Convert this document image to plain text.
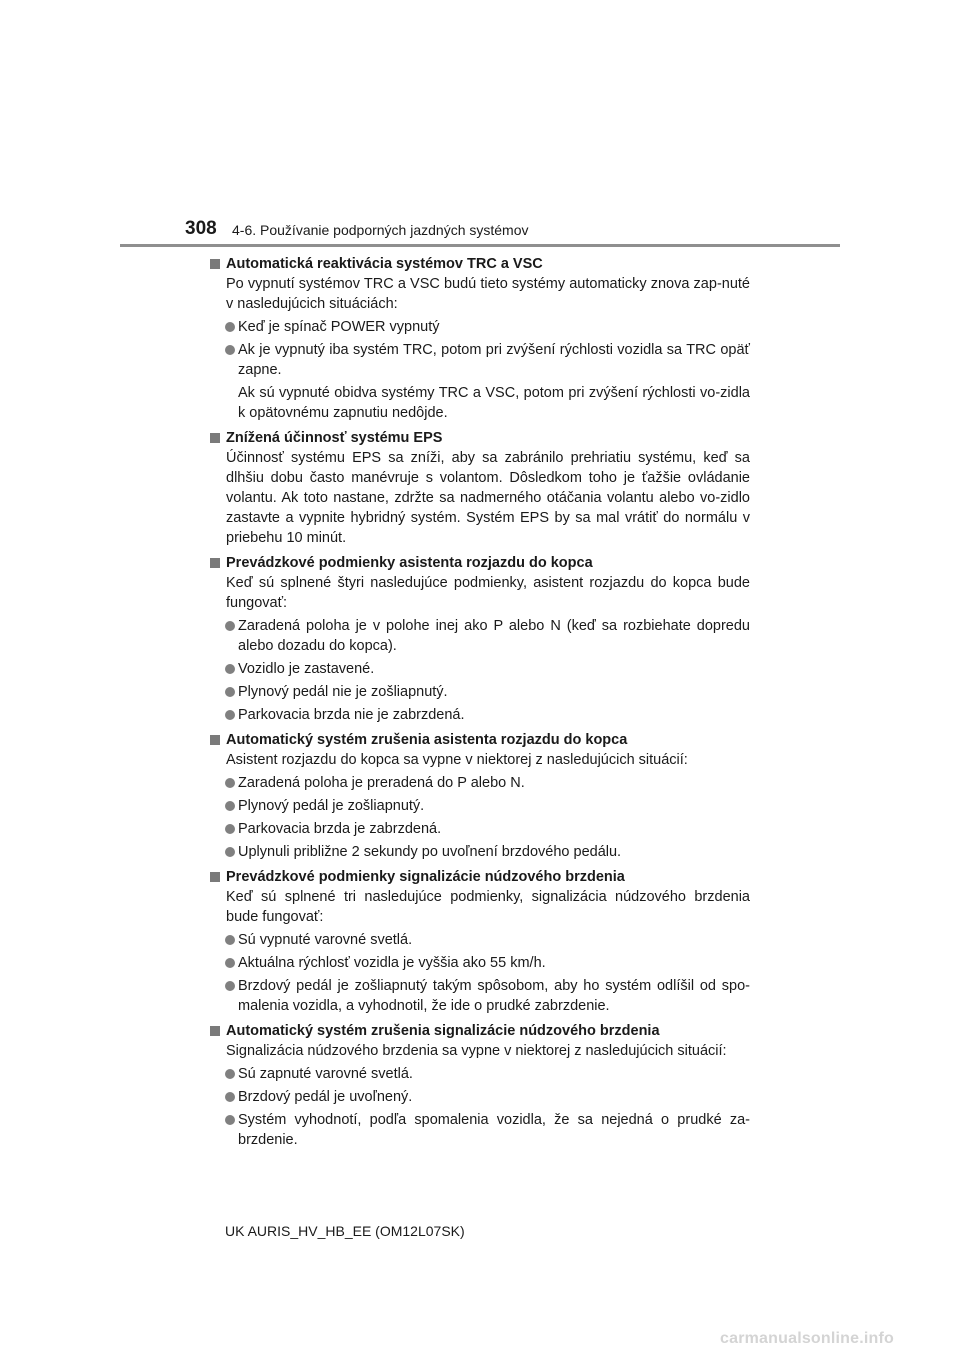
308 4-6. Používanie podporných jazdných systémov
Automatická reaktivácia systémov TRC a VSC

Po vypnutí systémov TRC a VSC budú tieto systémy automaticky znova zap-nuté v nasledujúcich situáciách:

Keď je spínač POWER vypnutý
Ak je vypnutý iba systém TRC, potom pri zvýšení rýchlosti vozidla sa TRC opäť zapne.
Ak sú vypnuté obidva systémy TRC a VSC, potom pri zvýšení rýchlosti vo-zidla k opätovnému zapnutiu nedôjde.
Znížená účinnosť systému EPS

Účinnosť systému EPS sa zníži, aby sa zabránilo prehriatiu systému, keď sa dlhšiu dobu často manévruje s volantom. Dôsledkom toho je ťažšie ovládanie volantu. Ak toto nastane, zdržte sa nadmerného otáčania volantu alebo vo-zidlo zastavte a vypnite hybridný systém. Systém EPS by sa mal vrátiť do normálu v priebehu 10 minút.

Prevádzkové podmienky asistenta rozjazdu do kopca

Keď sú splnené štyri nasledujúce podmienky, asistent rozjazdu do kopca bude fungovať:

Zaradená poloha je v polohe inej ako P alebo N (keď sa rozbiehate dopredu alebo dozadu do kopca).
Vozidlo je zastavené.
Plynový pedál nie je zošliapnutý.
Parkovacia brzda nie je zabrzdená.
Automatický systém zrušenia asistenta rozjazdu do kopca

Asistent rozjazdu do kopca sa vypne v niektorej z nasledujúcich situácií:

Zaradená poloha je preradená do P alebo N.
Plynový pedál je zošliapnutý.
Parkovacia brzda je zabrzdená.
Uplynuli približne 2 sekundy po uvoľnení brzdového pedálu.
Prevádzkové podmienky signalizácie núdzového brzdenia

Keď sú splnené tri nasledujúce podmienky, signalizácia núdzového brzdenia bude fungovať:

Sú vypnuté varovné svetlá.
Aktuálna rýchlosť vozidla je vyššia ako 55 km/h.
Brzdový pedál je zošliapnutý takým spôsobom, aby ho systém odlíšil od spo-malenia vozidla, a vyhodnotil, že ide o prudké zabrzdenie.
Automatický systém zrušenia signalizácie núdzového brzdenia

Signalizácia núdzového brzdenia sa vypne v niektorej z nasledujúcich situácií:

Sú zapnuté varovné svetlá.
Brzdový pedál je uvoľnený.
Systém vyhodnotí, podľa spomalenia vozidla, že sa nejedná o prudké za-brzdenie.
UK AURIS_HV_HB_EE (OM12L07SK)
carmanualsonline.info
